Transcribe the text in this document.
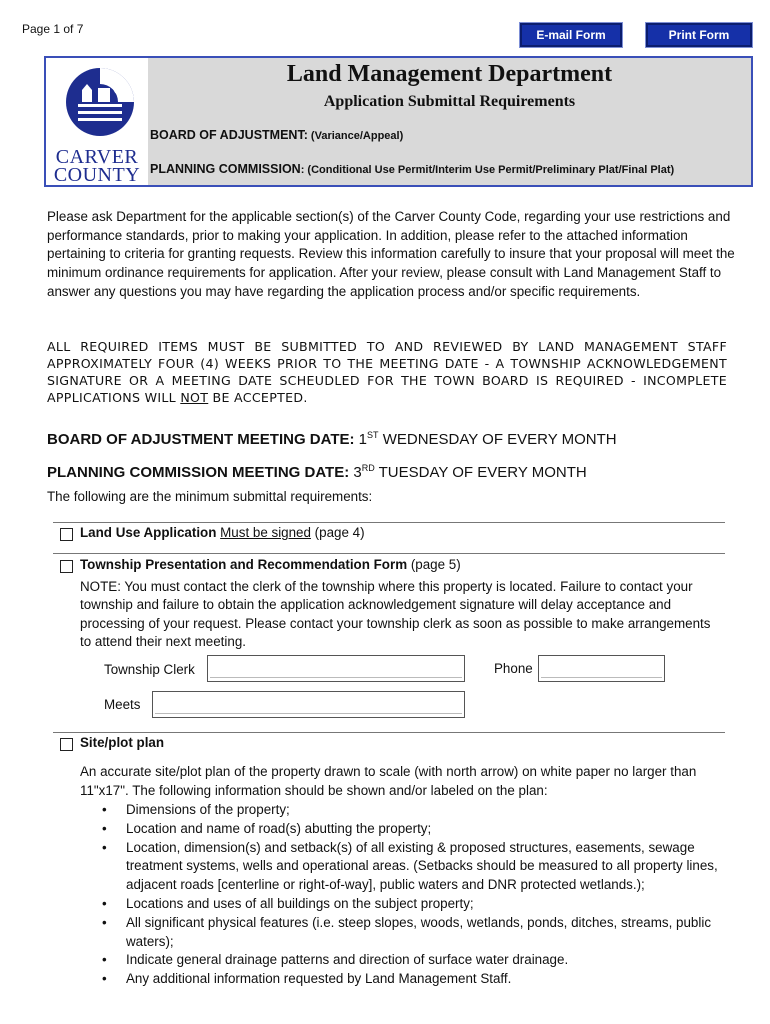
Page 1 of 7	E-mail Form	Print Form
CARVER
COUNTY
Land Management Department
Application Submittal Requirements
BOARD OF ADJUSTMENT: (Variance/Appeal)
PLANNING COMMISSION: (Conditional Use Permit/Interim Use Permit/Preliminary Plat/Final Plat)
Please ask Department for the applicable section(s) of the Carver County Code, regarding your use restrictions and performance standards, prior to making your application. In addition, please refer to the attached information pertaining to criteria for granting requests. Review this information carefully to insure that your proposal will meet the minimum ordinance requirements for application. After your review, please consult with Land Management Staff to answer any questions you may have regarding the application process and/or specific requirements.
ALL REQUIRED ITEMS MUST BE SUBMITTED TO AND REVIEWED BY LAND MANAGEMENT STAFF APPROXIMATELY FOUR (4) WEEKS PRIOR TO THE MEETING DATE - A TOWNSHIP ACKNOWLEDGEMENT SIGNATURE OR A MEETING DATE SCHEUDLED FOR THE TOWN BOARD IS REQUIRED - INCOMPLETE APPLICATIONS WILL NOT BE ACCEPTED.
BOARD OF ADJUSTMENT MEETING DATE: 1ST WEDNESDAY OF EVERY MONTH
PLANNING COMMISSION MEETING DATE: 3RD TUESDAY OF EVERY MONTH
The following are the minimum submittal requirements:
Land Use Application Must be signed (page 4)
Township Presentation and Recommendation Form (page 5)
NOTE: You must contact the clerk of the township where this property is located. Failure to contact your township and failure to obtain the application acknowledgement signature will delay acceptance and processing of your request. Please contact your township clerk as soon as possible to make arrangements to attend their next meeting.
Township Clerk	Phone
Meets
Site/plot plan
An accurate site/plot plan of the property drawn to scale (with north arrow) on white paper no larger than 11"x17". The following information should be shown and/or labeled on the plan:
• Dimensions of the property;
• Location and name of road(s) abutting the property;
• Location, dimension(s) and setback(s) of all existing & proposed structures, easements, sewage treatment systems, wells and operational areas. (Setbacks should be measured to all property lines, adjacent roads [centerline or right-of-way], public waters and DNR protected wetlands.);
• Locations and uses of all buildings on the subject property;
• All significant physical features (i.e. steep slopes, woods, wetlands, ponds, ditches, streams, public waters);
• Indicate general drainage patterns and direction of surface water drainage.
• Any additional information requested by Land Management Staff.
